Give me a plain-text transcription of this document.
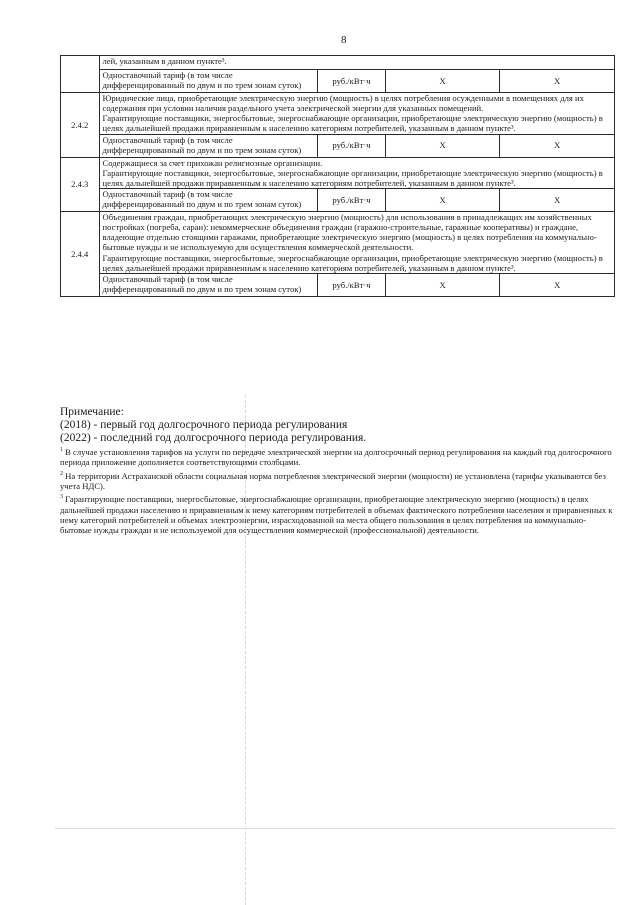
8
	лей, указанным в данном пункте³.			
	Одноставочный тариф (в том числе дифференцированный по двум и по трем зонам суток)	руб./кВт·ч	Х	Х
2.4.2	Юридические лица, приобретающие электрическую энергию (мощность) в целях потребления осужденными в помещениях для их содержания при условии наличия раздельного учета электрической энергии для указанных помещений.

Гарантирующие поставщики, энергосбытовые, энергоснабжающие организации, приобретающие электрическую энергию (мощность) в целях дальнейшей продажи приравненным к населению категориям потребителей, указанным в данном пункте³.			

	Одноставочный тариф (в том числе дифференцированный по двум и по трем зонам суток)	руб./кВт·ч	Х	Х
2.4.3	Содержащиеся за счет прихожан религиозные организации.

Гарантирующие поставщики, энергосбытовые, энергоснабжающие организации, приобретающие электрическую энергию (мощность) в целях дальнейшей продажи приравненным к населению категориям потребителей, указанным в данном пункте³.			

	Одноставочный тариф (в том числе дифференцированный по двум и по трем зонам суток)	руб./кВт·ч	Х	Х
2.4.4	Объединения граждан, приобретающих электрическую энергию (мощность) для использования в принадлежащих им хозяйственных постройках (погреба, сараи): некоммерческие объединения граждан (гаражно-строительные, гаражные кооперативы) и граждане, владеющие отдельно стоящими гаражами, приобретающие электрическую энергию (мощность) в целях потребления на коммунально-бытовые нужды и не используемую для осуществления коммерческой деятельности.

Гарантирующие поставщики, энергосбытовые, энергоснабжающие организации, приобретающие электрическую энергию (мощность) в целях дальнейшей продажи приравненным к населению категориям потребителей, указанным в данном пункте³.			

	Одноставочный тариф (в том числе дифференцированный по двум и по трем зонам суток)	руб./кВт·ч	Х	Х
Примечание:
(2018) - первый год долгосрочного периода регулирования
(2022) - последний год долгосрочного периода регулирования.

$^1$ В случае установления тарифов на услуги по передаче электрической энергии на долгосрочный период регулирования на каждый год долгосрочного периода приложение дополняется соответствующими столбцами.

$^2$ На территории Астраханской области социальная норма потребления электрической энергии (мощности) не установлена (тарифы указываются без учета НДС).

$^3$ Гарантирующие поставщики, энергосбытовые, энергоснабжающие организации, приобретающие электрическую энергию (мощность) в целях дальнейшей продажи населению и приравненным к нему категориям потребителей в объемах фактического потребления населения и приравненных к нему категорий потребителей и объемах электроэнергии, израсходованной на места общего пользования в целях потребления на коммунально-бытовые нужды граждан и не используемой для осуществления коммерческой (профессиональной) деятельности.
